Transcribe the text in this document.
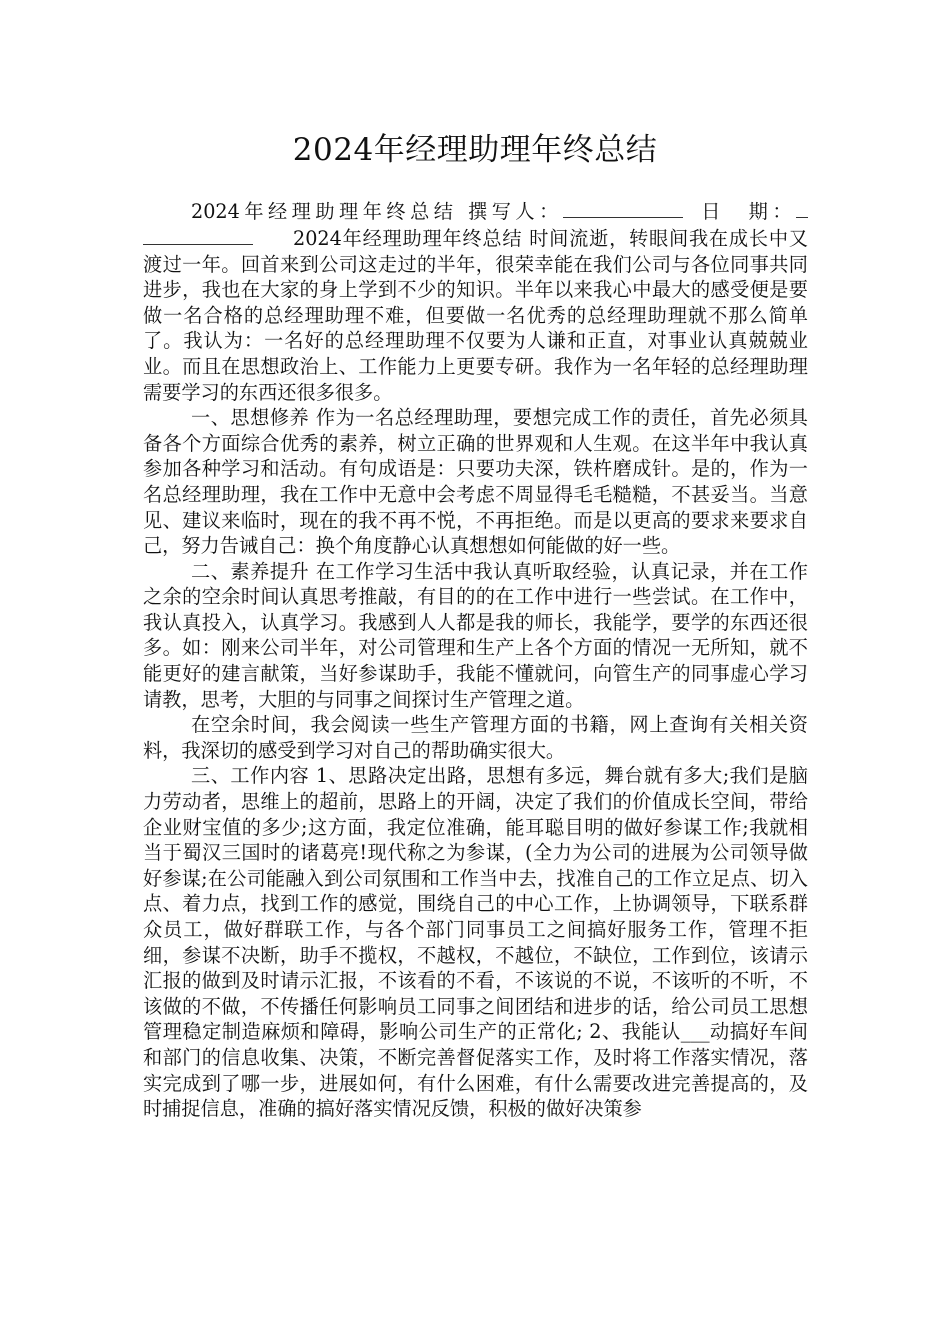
2024年经理助理年终总结

2024年经理助理年终总结 撰写人：	日　期：2024年经理助理年终总结 时间流逝，转眼间我在成长中又渡过一年。回首来到公司这走过的半年，很荣幸能在我们公司与各位同事共同进步，我也在大家的身上学到不少的知识。半年以来我心中最大的感受便是要做一名合格的总经理助理不难，但要做一名优秀的总经理助理就不那么简单了。我认为：一名好的总经理助理不仅要为人谦和正直，对事业认真兢兢业业。而且在思想政治上、工作能力上更要专研。我作为一名年轻的总经理助理需要学习的东西还很多很多。

一、思想修养 作为一名总经理助理，要想完成工作的责任，首先必须具备各个方面综合优秀的素养，树立正确的世界观和人生观。在这半年中我认真参加各种学习和活动。有句成语是：只要功夫深，铁杵磨成针。是的，作为一名总经理助理，我在工作中无意中会考虑不周显得毛毛糙糙，不甚妥当。当意见、建议来临时，现在的我不再不悦，不再拒绝。而是以更高的要求来要求自己，努力告诫自己：换个角度静心认真想想如何能做的好一些。

二、素养提升 在工作学习生活中我认真听取经验，认真记录，并在工作之余的空余时间认真思考推敲，有目的的在工作中进行一些尝试。在工作中，我认真投入，认真学习。我感到人人都是我的师长，我能学，要学的东西还很多。如：刚来公司半年，对公司管理和生产上各个方面的情况一无所知，就不能更好的建言献策，当好参谋助手，我能不懂就问，向管生产的同事虚心学习请教，思考，大胆的与同事之间探讨生产管理之道。

在空余时间，我会阅读一些生产管理方面的书籍，网上查询有关相关资料，我深切的感受到学习对自己的帮助确实很大。

三、工作内容 1、思路决定出路，思想有多远，舞台就有多大;我们是脑力劳动者，思维上的超前，思路上的开阔，决定了我们的价值成长空间，带给企业财宝值的多少;这方面，我定位准确，能耳聪目明的做好参谋工作;我就相当于蜀汉三国时的诸葛亮!现代称之为参谋，(全力为公司的进展为公司领导做好参谋;在公司能融入到公司氛围和工作当中去，找准自己的工作立足点、切入点、着力点，找到工作的感觉，围绕自己的中心工作，上协调领导，下联系群众员工，做好群联工作，与各个部门同事员工之间搞好服务工作，管理不拒细，参谋不决断，助手不揽权，不越权，不越位，不缺位，工作到位，该请示汇报的做到及时请示汇报，不该看的不看，不该说的不说，不该听的不听，不该做的不做，不传播任何影响员工同事之间团结和进步的话，给公司员工思想管理稳定制造麻烦和障碍，影响公司生产的正常化; 2、我能认___动搞好车间和部门的信息收集、决策，不断完善督促落实工作，及时将工作落实情况，落实完成到了哪一步，进展如何，有什么困难，有什么需要改进完善提高的，及时捕捉信息，准确的搞好落实情况反馈，积极的做好决策参
